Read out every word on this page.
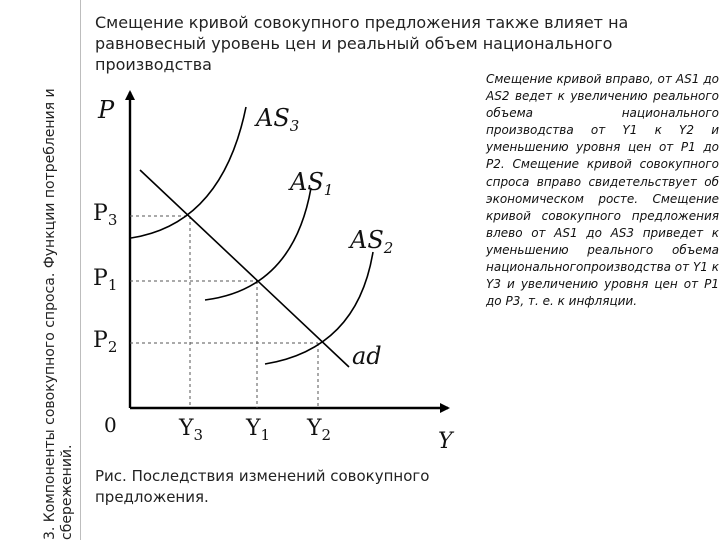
3. Компоненты совокупного спроса. Функции потребления и сбережений.
Смещение кривой совокупного предложения также влияет на равновесный уровень цен и реальный объем национального производства
P
Y
0
$AS_3$
$AS_1$
$AS_2$
ad
$P_3$
$P_1$
$P_2$
$Y_3$ $Y_1$ $Y_2$
Рис. Последствия изменений совокупного предложения.
Смещение кривой вправо, от AS1 до AS2 ведет к увеличению реального объема национального производства от Y1 к Y2 и уменьшению уровня цен от P1 до P2. Смещение кривой совокупного спроса вправо свидетельствует об экономическом росте. Смещение кривой совокупного предложения влево от AS1 до AS3 приведет к уменьшению реального объема национальногопроизводства от Y1 к Y3 и увеличению уровня цен от P1 до P3, т. е. к инфляции.
